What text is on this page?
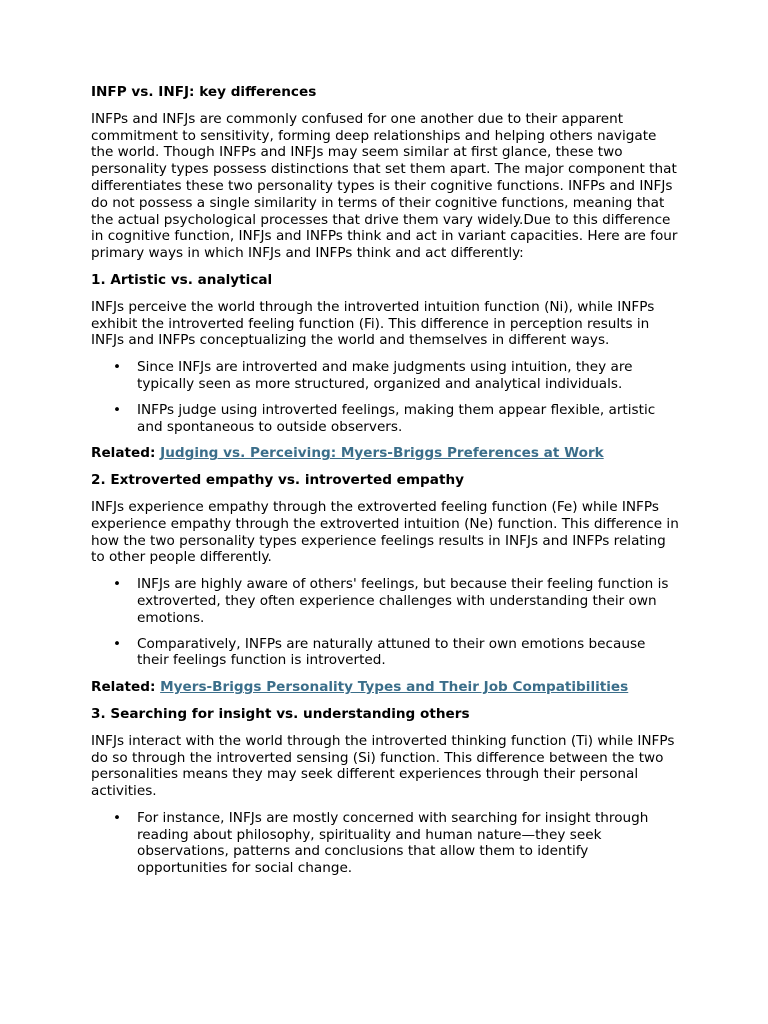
INFP vs. INFJ: key differences

INFPs and INFJs are commonly confused for one another due to their apparent commitment to sensitivity, forming deep relationships and helping others navigate the world. Though INFPs and INFJs may seem similar at first glance, these two personality types possess distinctions that set them apart. The major component that differentiates these two personality types is their cognitive functions. INFPs and INFJs do not possess a single similarity in terms of their cognitive functions, meaning that the actual psychological processes that drive them vary widely.Due to this difference in cognitive function, INFJs and INFPs think and act in variant capacities. Here are four primary ways in which INFJs and INFPs think and act differently:

1. Artistic vs. analytical

INFJs perceive the world through the introverted intuition function (Ni), while INFPs exhibit the introverted feeling function (Fi). This difference in perception results in INFJs and INFPs conceptualizing the world and themselves in different ways.

• Since INFJs are introverted and make judgments using intuition, they are typically seen as more structured, organized and analytical individuals.
• INFPs judge using introverted feelings, making them appear flexible, artistic and spontaneous to outside observers.
Related: Judging vs. Perceiving: Myers-Briggs Preferences at Work
2. Extroverted empathy vs. introverted empathy

INFJs experience empathy through the extroverted feeling function (Fe) while INFPs experience empathy through the extroverted intuition (Ne) function. This difference in how the two personality types experience feelings results in INFJs and INFPs relating to other people differently.

• INFJs are highly aware of others' feelings, but because their feeling function is extroverted, they often experience challenges with understanding their own emotions.
• Comparatively, INFPs are naturally attuned to their own emotions because their feelings function is introverted.
Related: Myers-Briggs Personality Types and Their Job Compatibilities
3. Searching for insight vs. understanding others

INFJs interact with the world through the introverted thinking function (Ti) while INFPs do so through the introverted sensing (Si) function. This difference between the two personalities means they may seek different experiences through their personal activities.

• For instance, INFJs are mostly concerned with searching for insight through reading about philosophy, spirituality and human nature—they seek observations, patterns and conclusions that allow them to identify opportunities for social change.
